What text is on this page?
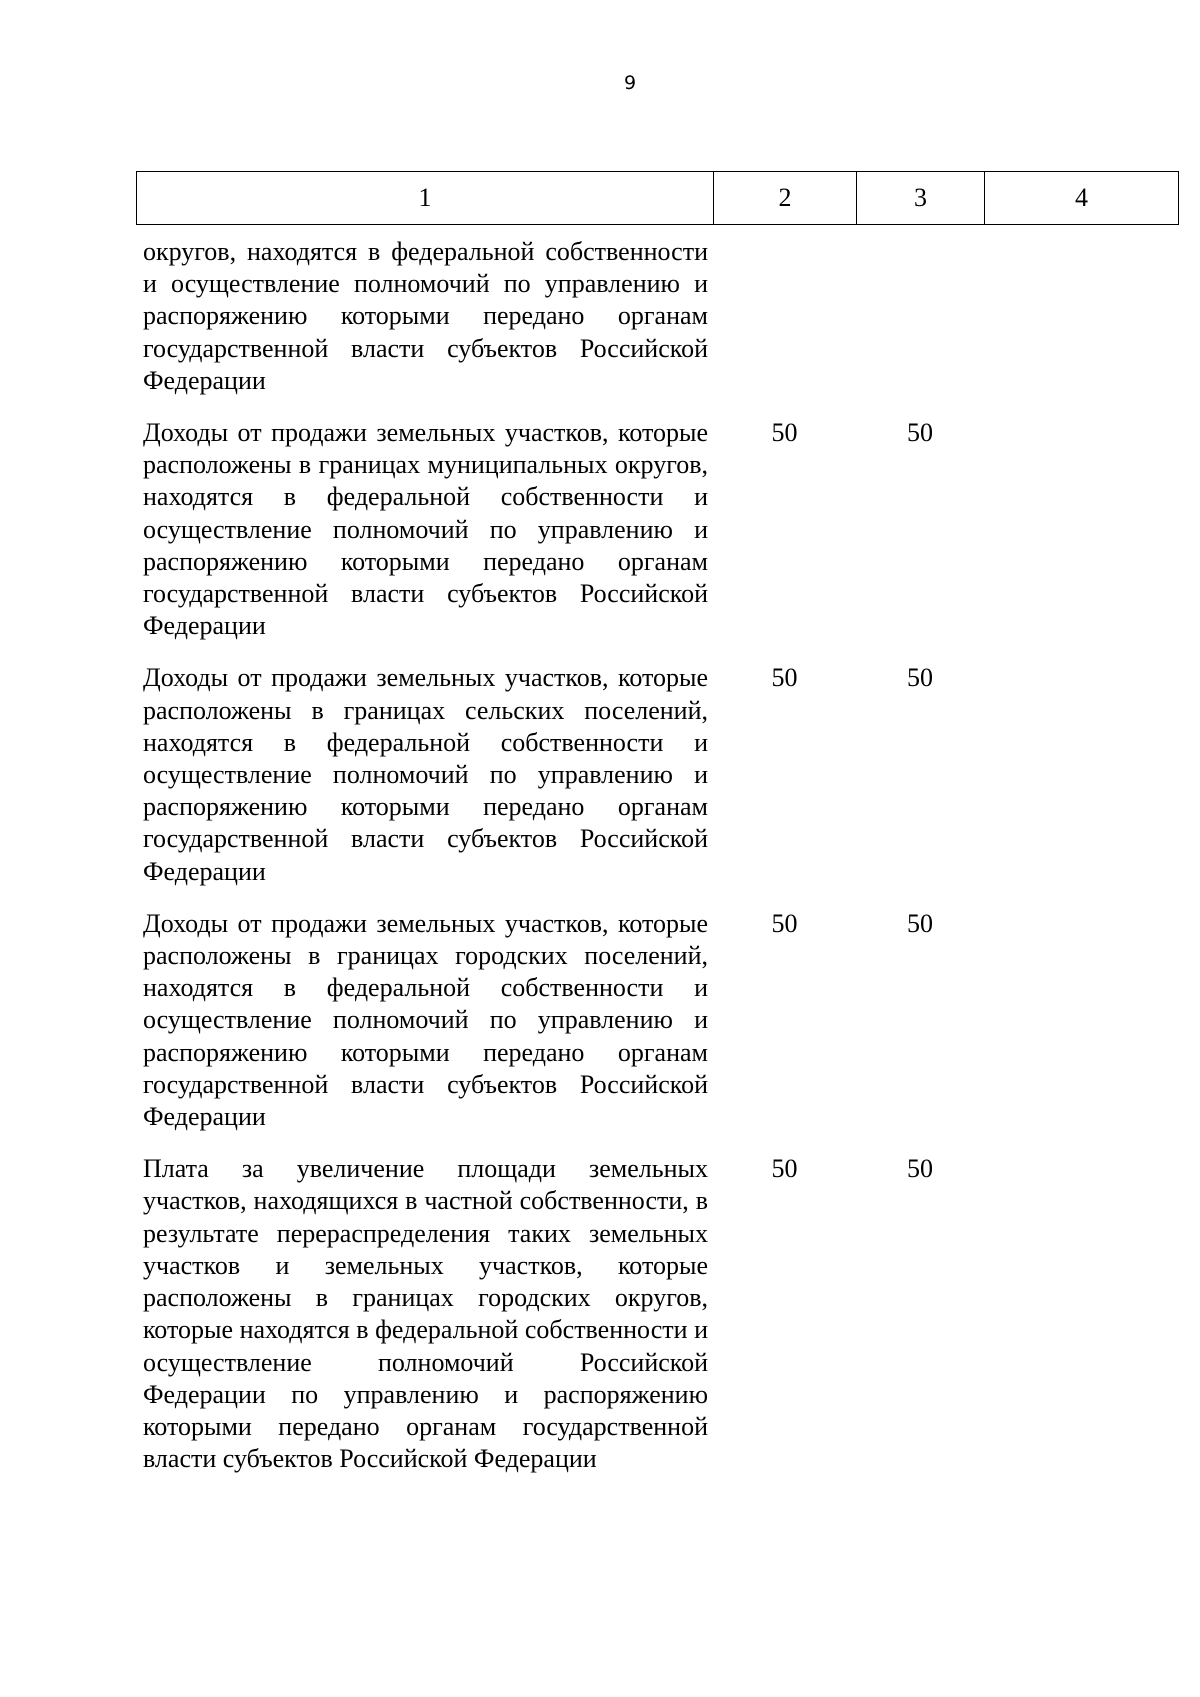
9
1	2	3	4
округов, находятся в федеральной собственности и осуществление полномочий по управлению и распоряжению которыми передано органам государственной власти субъектов Российской Федерации			
Доходы от продажи земельных участков, которые расположены в границах муниципальных округов, находятся в федеральной собственности и осуществление полномочий по управлению и распоряжению которыми передано органам государственной власти субъектов Российской Федерации	50	50	
Доходы от продажи земельных участков, которые расположены в границах сельских поселений, находятся в федеральной собственности и осуществление полномочий по управлению и распоряжению которыми передано органам государственной власти субъектов Российской Федерации	50	50	
Доходы от продажи земельных участков, которые расположены в границах городских поселений, находятся в федеральной собственности и осуществление полномочий по управлению и распоряжению которыми передано органам государственной власти субъектов Российской Федерации	50	50	
Плата за увеличение площади земельных участков, находящихся в частной собственности, в результате перераспределения таких земельных участков и земельных участков, которые расположены в границах городских округов, которые находятся в федеральной собственности и осуществление полномочий Российской Федерации по управлению и распоряжению которыми передано органам государственной власти субъектов Российской Федерации	50	50	
